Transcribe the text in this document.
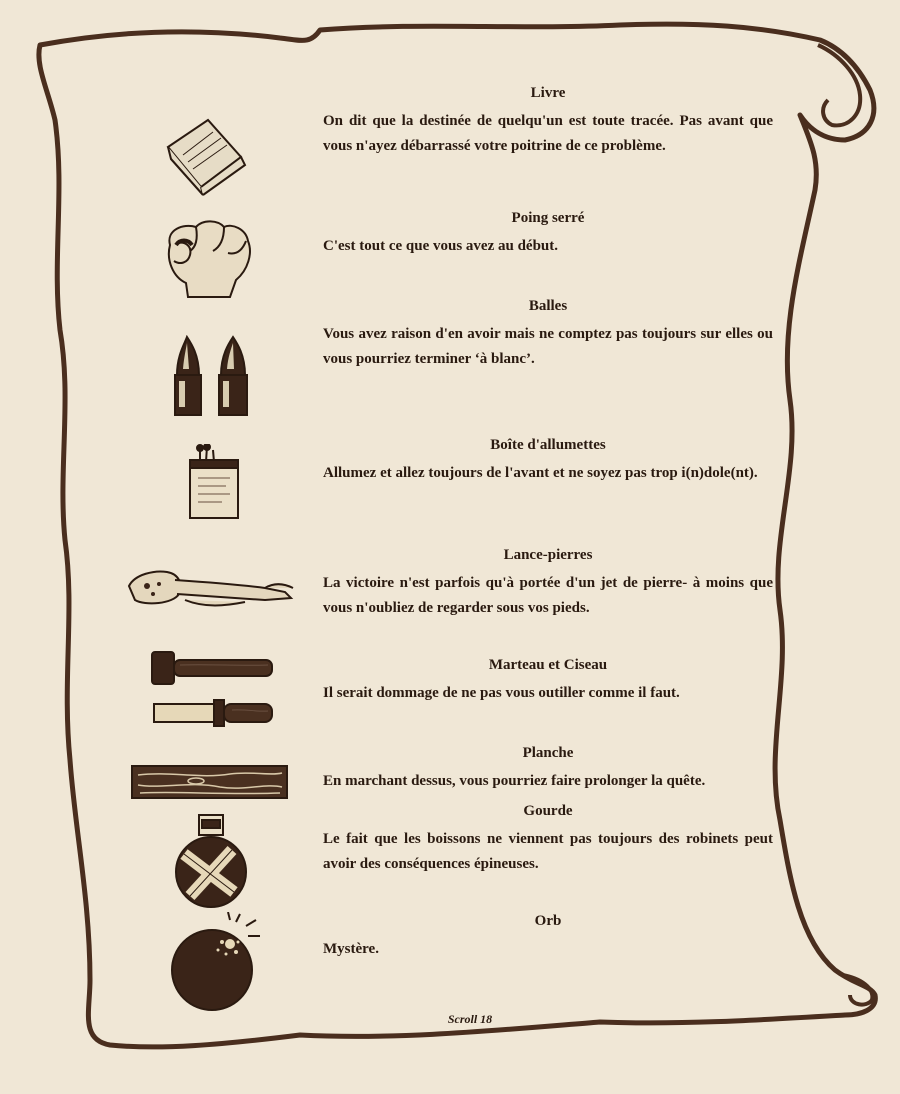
Livre

On dit que la destinée de quelqu'un est toute tracée. Pas avant que vous n'ayez débarrassé votre poitrine de ce problème.

Poing serré

C'est tout ce que vous avez au début.

Balles

Vous avez raison d'en avoir mais ne comptez pas toujours sur elles ou vous pourriez terminer ‘à blanc’.

Boîte d'allumettes

Allumez et allez toujours de l'avant et ne soyez pas trop i(n)dole(nt).

Lance-pierres

La victoire n'est parfois qu'à portée d'un jet de pierre- à moins que vous n'oubliez de regarder sous vos pieds.

Marteau et Ciseau

Il serait dommage de ne pas vous outiller comme il faut.

Planche

En marchant dessus, vous pourriez faire prolonger la quête.

Gourde

Le fait que les boissons ne viennent pas toujours des robinets peut avoir des conséquences épineuses.

Orb

Mystère.

Scroll 18
